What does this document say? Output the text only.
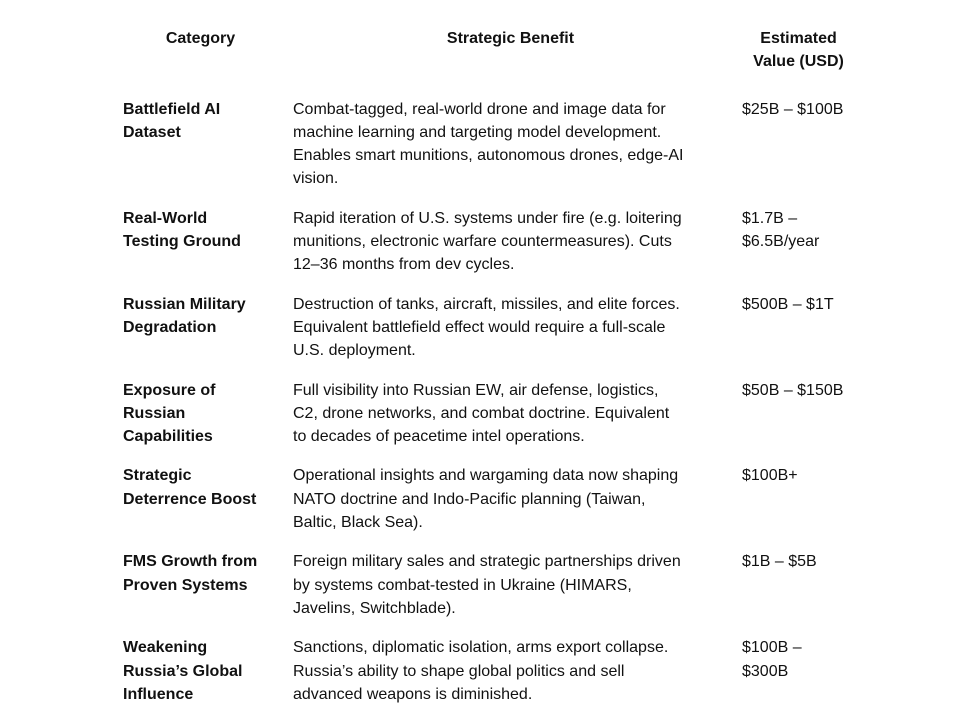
Category	Strategic Benefit	Estimated
Value (USD)
Battlefield AI
Dataset
Combat-tagged, real-world drone and image data for
machine learning and targeting model development.
Enables smart munitions, autonomous drones, edge-AI
vision.
$25B – $100B
Real-World
Testing Ground
Rapid iteration of U.S. systems under fire (e.g. loitering
munitions, electronic warfare countermeasures). Cuts
12–36 months from dev cycles.
$1.7B –
$6.5B/year
Russian Military
Degradation
Destruction of tanks, aircraft, missiles, and elite forces.
Equivalent battlefield effect would require a full-scale
U.S. deployment.
$500B – $1T
Exposure of
Russian
Capabilities
Full visibility into Russian EW, air defense, logistics,
C2, drone networks, and combat doctrine. Equivalent
to decades of peacetime intel operations.
$50B – $150B
Strategic
Deterrence Boost
Operational insights and wargaming data now shaping
NATO doctrine and Indo-Pacific planning (Taiwan,
Baltic, Black Sea).
$100B+
FMS Growth from
Proven Systems
Foreign military sales and strategic partnerships driven
by systems combat-tested in Ukraine (HIMARS,
Javelins, Switchblade).
$1B – $5B
Weakening
Russia’s Global
Influence
Sanctions, diplomatic isolation, arms export collapse.
Russia’s ability to shape global politics and sell
advanced weapons is diminished.
$100B –
$300B
